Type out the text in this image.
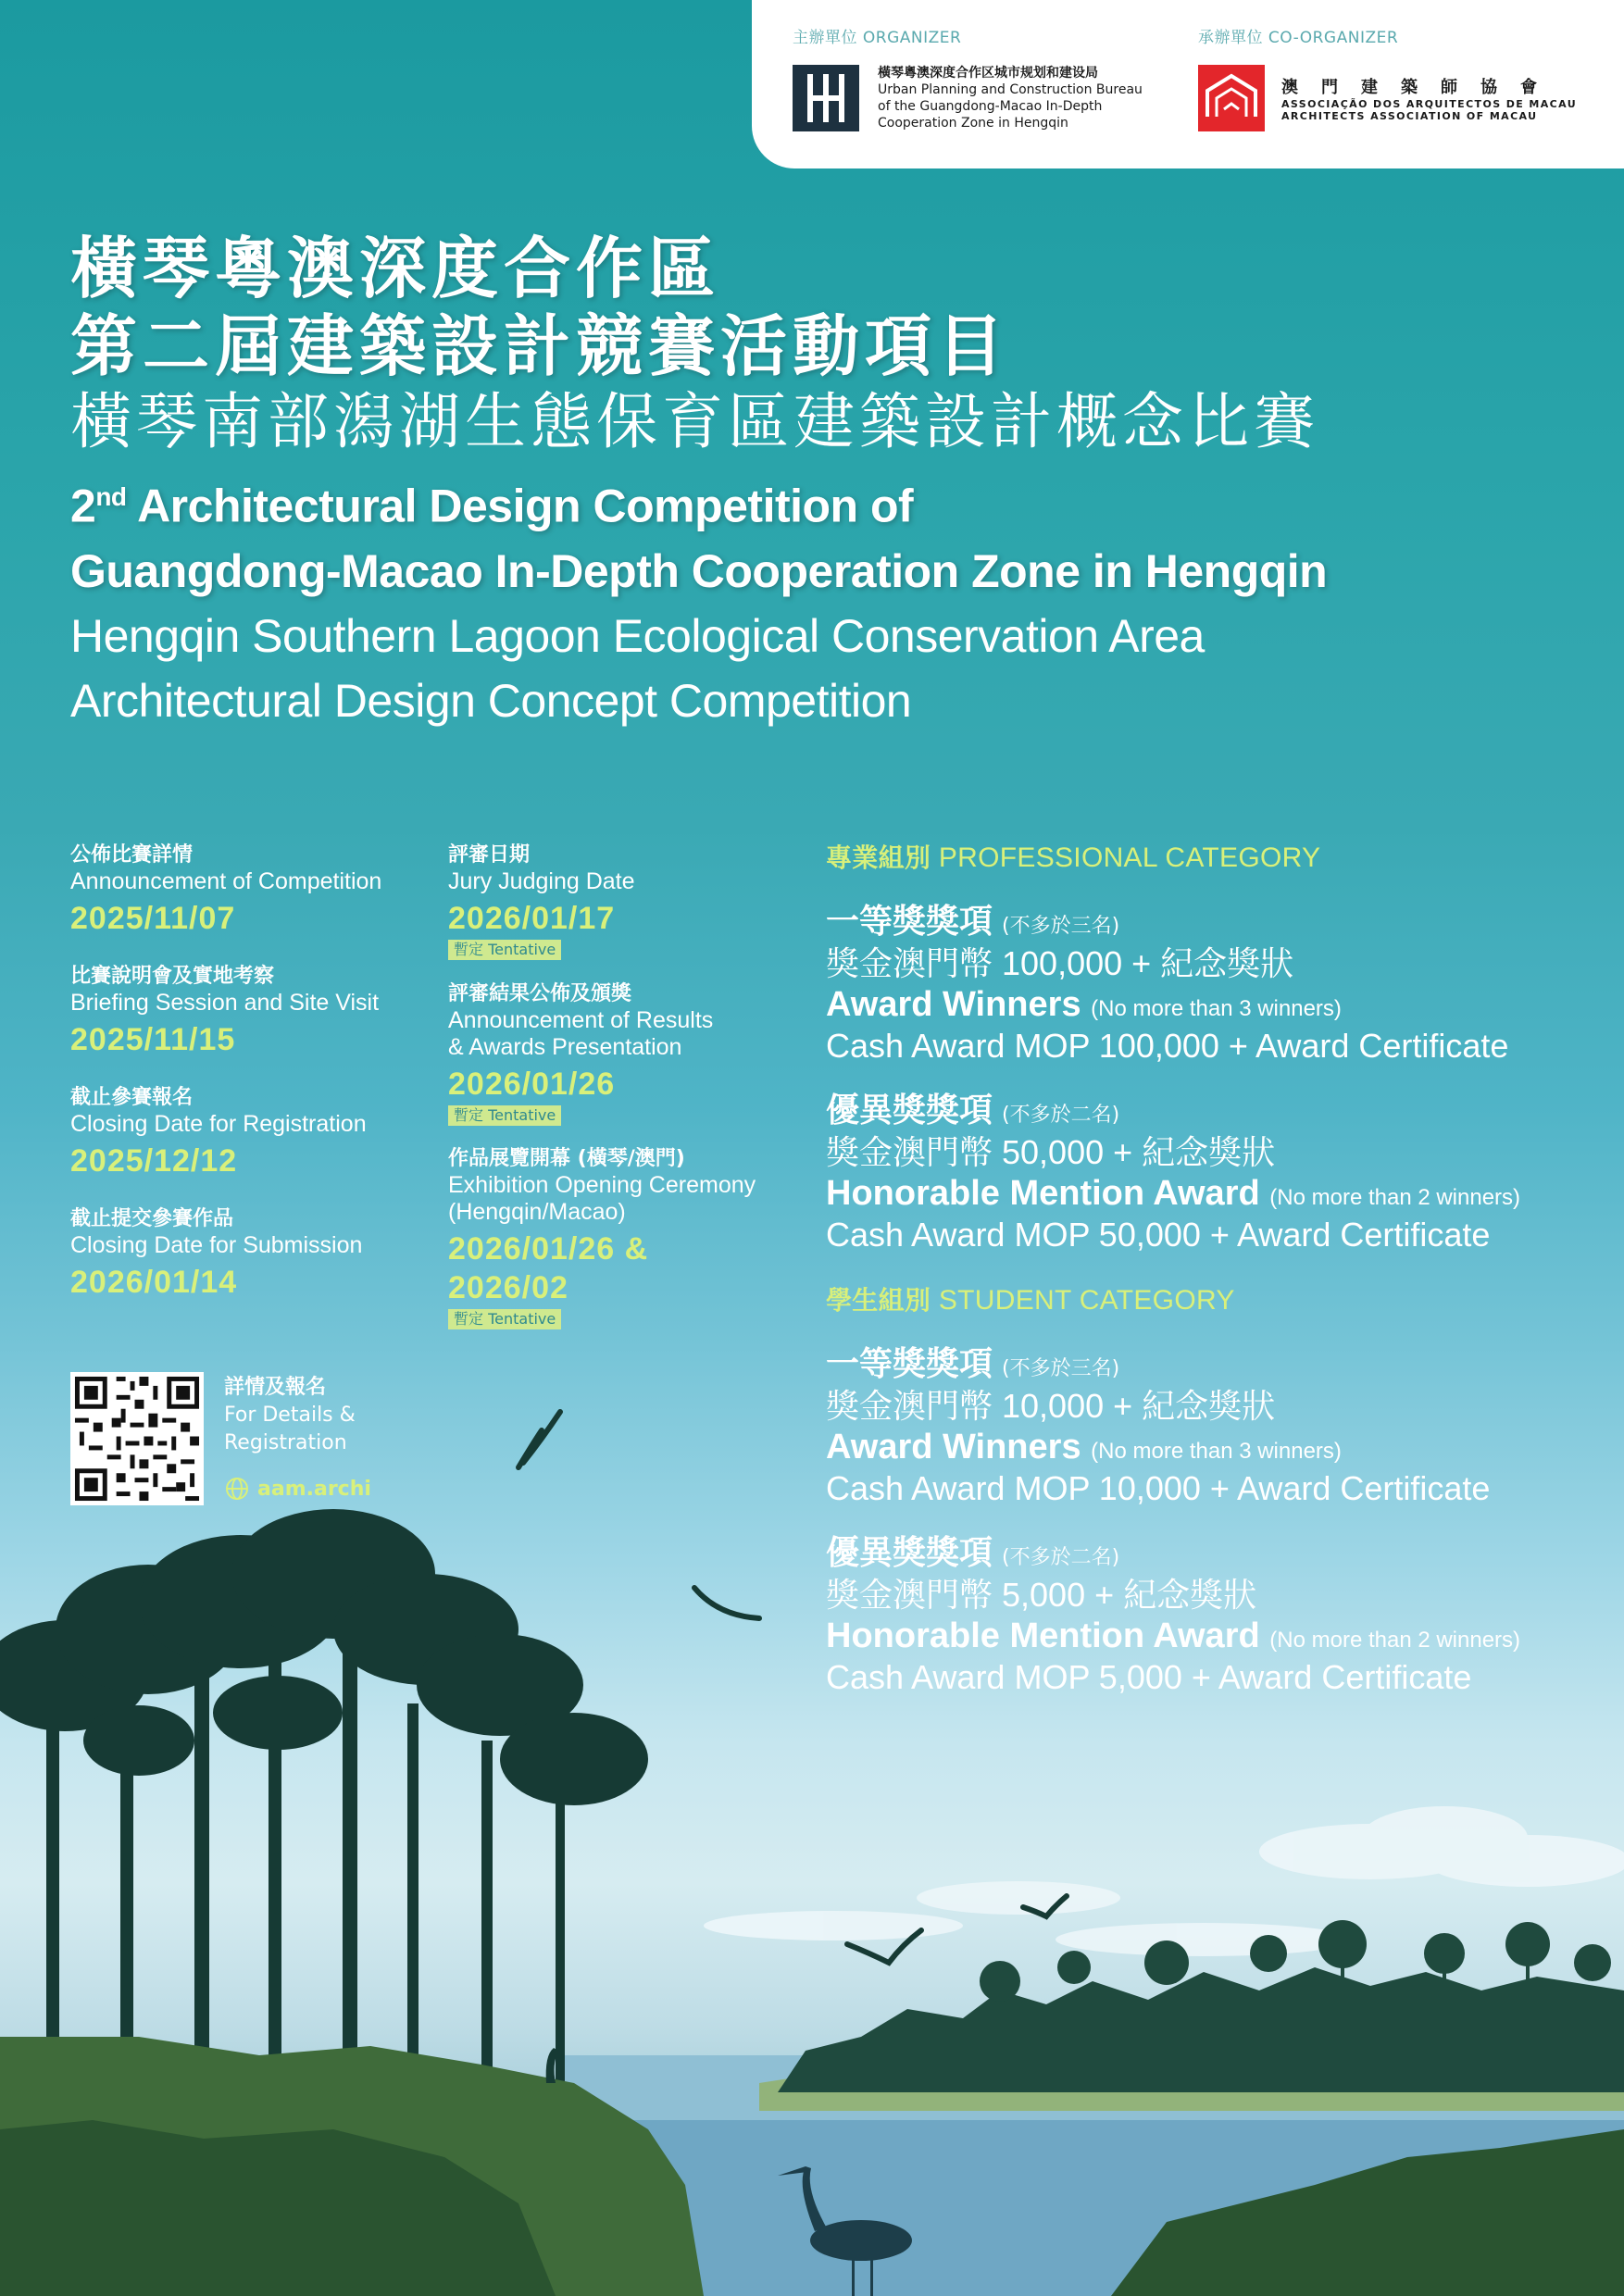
主辦單位 ORGANIZER
橫琴粵澳深度合作区城市规划和建设局
Urban Planning and Construction Bureau
of the Guangdong-Macao In-Depth
Cooperation Zone in Hengqin
承辦單位 CO-ORGANIZER
澳門建築師協會
ASSOCIAÇÃO DOS ARQUITECTOS DE MACAU
ARCHITECTS ASSOCIATION OF MACAU
橫琴粵澳深度合作區
第二屆建築設計競賽活動項目
橫琴南部潟湖生態保育區建築設計概念比賽
2nd Architectural Design Competition of
Guangdong-Macao In-Depth Cooperation Zone in Hengqin
Hengqin Southern Lagoon Ecological Conservation Area
Architectural Design Concept Competition
公佈比賽詳情
Announcement of Competition
2025/11/07
比賽說明會及實地考察
Briefing Session and Site Visit
2025/11/15
截止參賽報名
Closing Date for Registration
2025/12/12
截止提交參賽作品
Closing Date for Submission
2026/01/14
評審日期
Jury Judging Date
2026/01/17
暫定 Tentative
評審結果公佈及頒獎
Announcement of Results
& Awards Presentation
2026/01/26
暫定 Tentative
作品展覽開幕 (橫琴/澳門)
Exhibition Opening Ceremony
(Hengqin/Macao)
2026/01/26 &
2026/02
暫定 Tentative
詳情及報名
For Details &
Registration
aam.archi
專業組別 PROFESSIONAL CATEGORY
一等獎獎項 (不多於三名)
獎金澳門幣 100,000 + 紀念獎狀
Award Winners (No more than 3 winners)
Cash Award MOP 100,000 + Award Certificate
優異獎獎項 (不多於二名)
獎金澳門幣 50,000 + 紀念獎狀
Honorable Mention Award (No more than 2 winners)
Cash Award MOP 50,000 + Award Certificate
學生組別 STUDENT CATEGORY
一等獎獎項 (不多於三名)
獎金澳門幣 10,000 + 紀念獎狀
Award Winners (No more than 3 winners)
Cash Award MOP 10,000 + Award Certificate
優異獎獎項 (不多於二名)
獎金澳門幣 5,000 + 紀念獎狀
Honorable Mention Award (No more than 2 winners)
Cash Award MOP 5,000 + Award Certificate
